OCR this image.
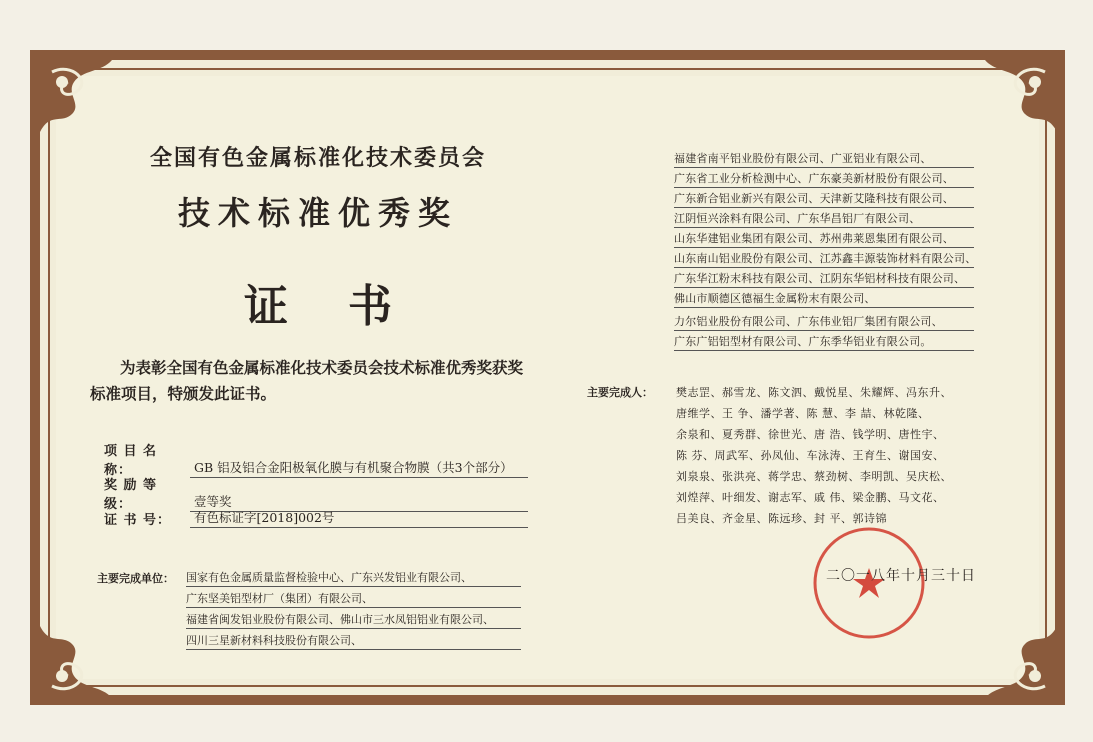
全国有色金属标准化技术委员会
技术标准优秀奖
证书
为表彰全国有色金属标准化技术委员会技术标准优秀奖获奖标准项目，特颁发此证书。
项 目 名 称：	GB 铝及铝合金阳极氧化膜与有机聚合物膜（共3个部分）
奖 励 等 级：	壹等奖
证 书 号：	有色标证字[2018]002号
主要完成单位： 国家有色金属质量监督检验中心、广东兴发铝业有限公司、
广东坚美铝型材厂（集团）有限公司、
福建省闽发铝业股份有限公司、佛山市三水凤铝铝业有限公司、
四川三星新材料科技股份有限公司、
福建省南平铝业股份有限公司、广亚铝业有限公司、
广东省工业分析检测中心、广东豪美新材股份有限公司、
广东新合铝业新兴有限公司、天津新艾隆科技有限公司、
江阴恒兴涂料有限公司、广东华昌铝厂有限公司、
山东华建铝业集团有限公司、苏州弗莱恩集团有限公司、
山东南山铝业股份有限公司、江苏鑫丰源装饰材料有限公司、
广东华江粉末科技有限公司、江阴东华铝材科技有限公司、
佛山市顺德区德福生金属粉末有限公司、
力尔铝业股份有限公司、广东伟业铝厂集团有限公司、
广东广铝铝型材有限公司、广东季华铝业有限公司。
主要完成人： 樊志罡、郝雪龙、陈文泗、戴悦星、朱耀辉、冯东升、
唐维学、王 争、潘学著、陈 慧、李 喆、林乾隆、
余泉和、夏秀群、徐世光、唐 浩、钱学明、唐性宇、
陈 芬、周武军、孙凤仙、车泳涛、王育生、谢国安、
刘泉泉、张洪亮、蒋学忠、蔡劲树、李明凯、吴庆松、
刘煌萍、叶细发、谢志军、戚 伟、梁金鹏、马文花、
吕美良、齐金星、陈远珍、封 平、郭诗锦
二〇一八年十月三十日
